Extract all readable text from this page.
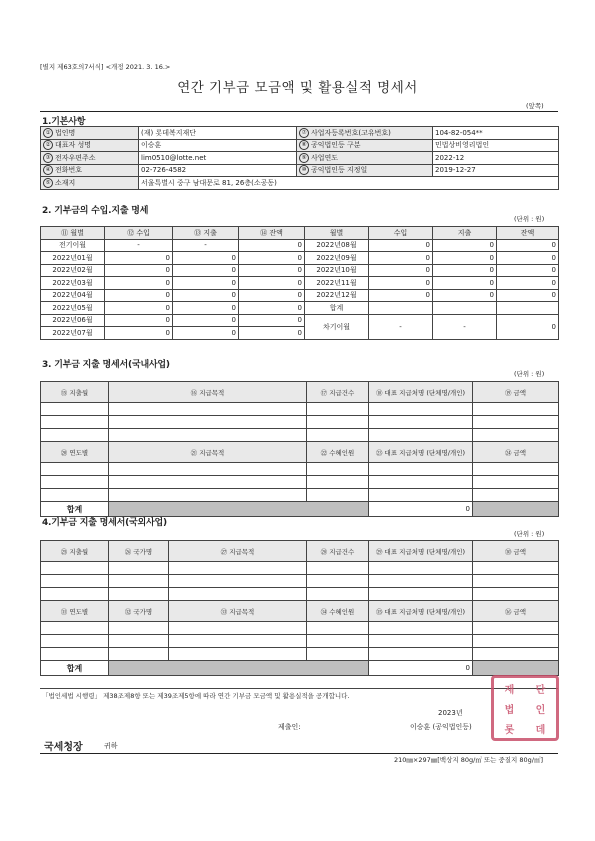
[별지 제63호의7서식] <개정 2021. 3. 16.>
연간 기부금 모금액 및 활용실적 명세서
(앞쪽)
1.기본사항
① 법인명	(재) 롯데복지재단	⑦ 사업자등록번호(고유번호)	104-82-054**
② 대표자 성명	이승훈	⑧ 공익법인등 구분	민법상비영리법인
③ 전자우편주소	lim0510@lotte.net	⑨ 사업연도	2022-12
④ 전화번호	02-726-4582	⑩ 공익법인등 지정일	2019-12-27
⑤ 소재지	서울특별시 중구 남대문로 81, 26층(소공동)		
2. 기부금의 수입.지출 명세
(단위 : 원)
⑪ 월별	⑫ 수입	⑬ 지출	⑭ 잔액	월별	수입	지출	잔액
전기이월	-	-	0	2022년08월	0	0	0
2022년01월	0	0	0	2022년09월	0	0	0
2022년02월	0	0	0	2022년10월	0	0	0
2022년03월	0	0	0	2022년11월	0	0	0
2022년04월	0	0	0	2022년12월	0	0	0
2022년05월	0	0	0	합계			
2022년06월	0	0	0	차기이월	-	-	0
2022년07월	0	0	0				
3. 기부금 지출 명세서(국내사업)
(단위 : 원)
⑮ 지출월	⑯ 지급목적	⑰ 지급건수	⑱ 대표 지급처명 (단체명/개인)	⑲ 금액	

⑳ 연도별	㉑ 지급목적	㉒ 수혜인원	㉓ 대표 지급처명 (단체명/개인)	㉔ 금액	

합계			0		
4.기부금 지출 명세서(국외사업)
(단위 : 원)
㉕ 지출월	㉖ 국가명	㉗ 지급목적	㉘ 지급건수	㉙ 대표 지급처명 (단체명/개인)	㉚ 금액	

㉛ 연도별	㉜ 국가명	㉝ 지급목적	㉞ 수혜인원	㉟ 대표 지급처명 (단체명/개인)	㊱ 금액	

합계				0		
「법인세법 시행령」 제38조제8항 또는 제39조제5항에 따라 연간 기부금 모금액 및 활용실적을 공개합니다.
2023년
제출인:	이승훈 (공익법인등)
국세청장	귀하
210㎜×297㎜[백상지 80g/㎡ 또는 중질지 80g/㎡]
재	단
법	인
롯	데
